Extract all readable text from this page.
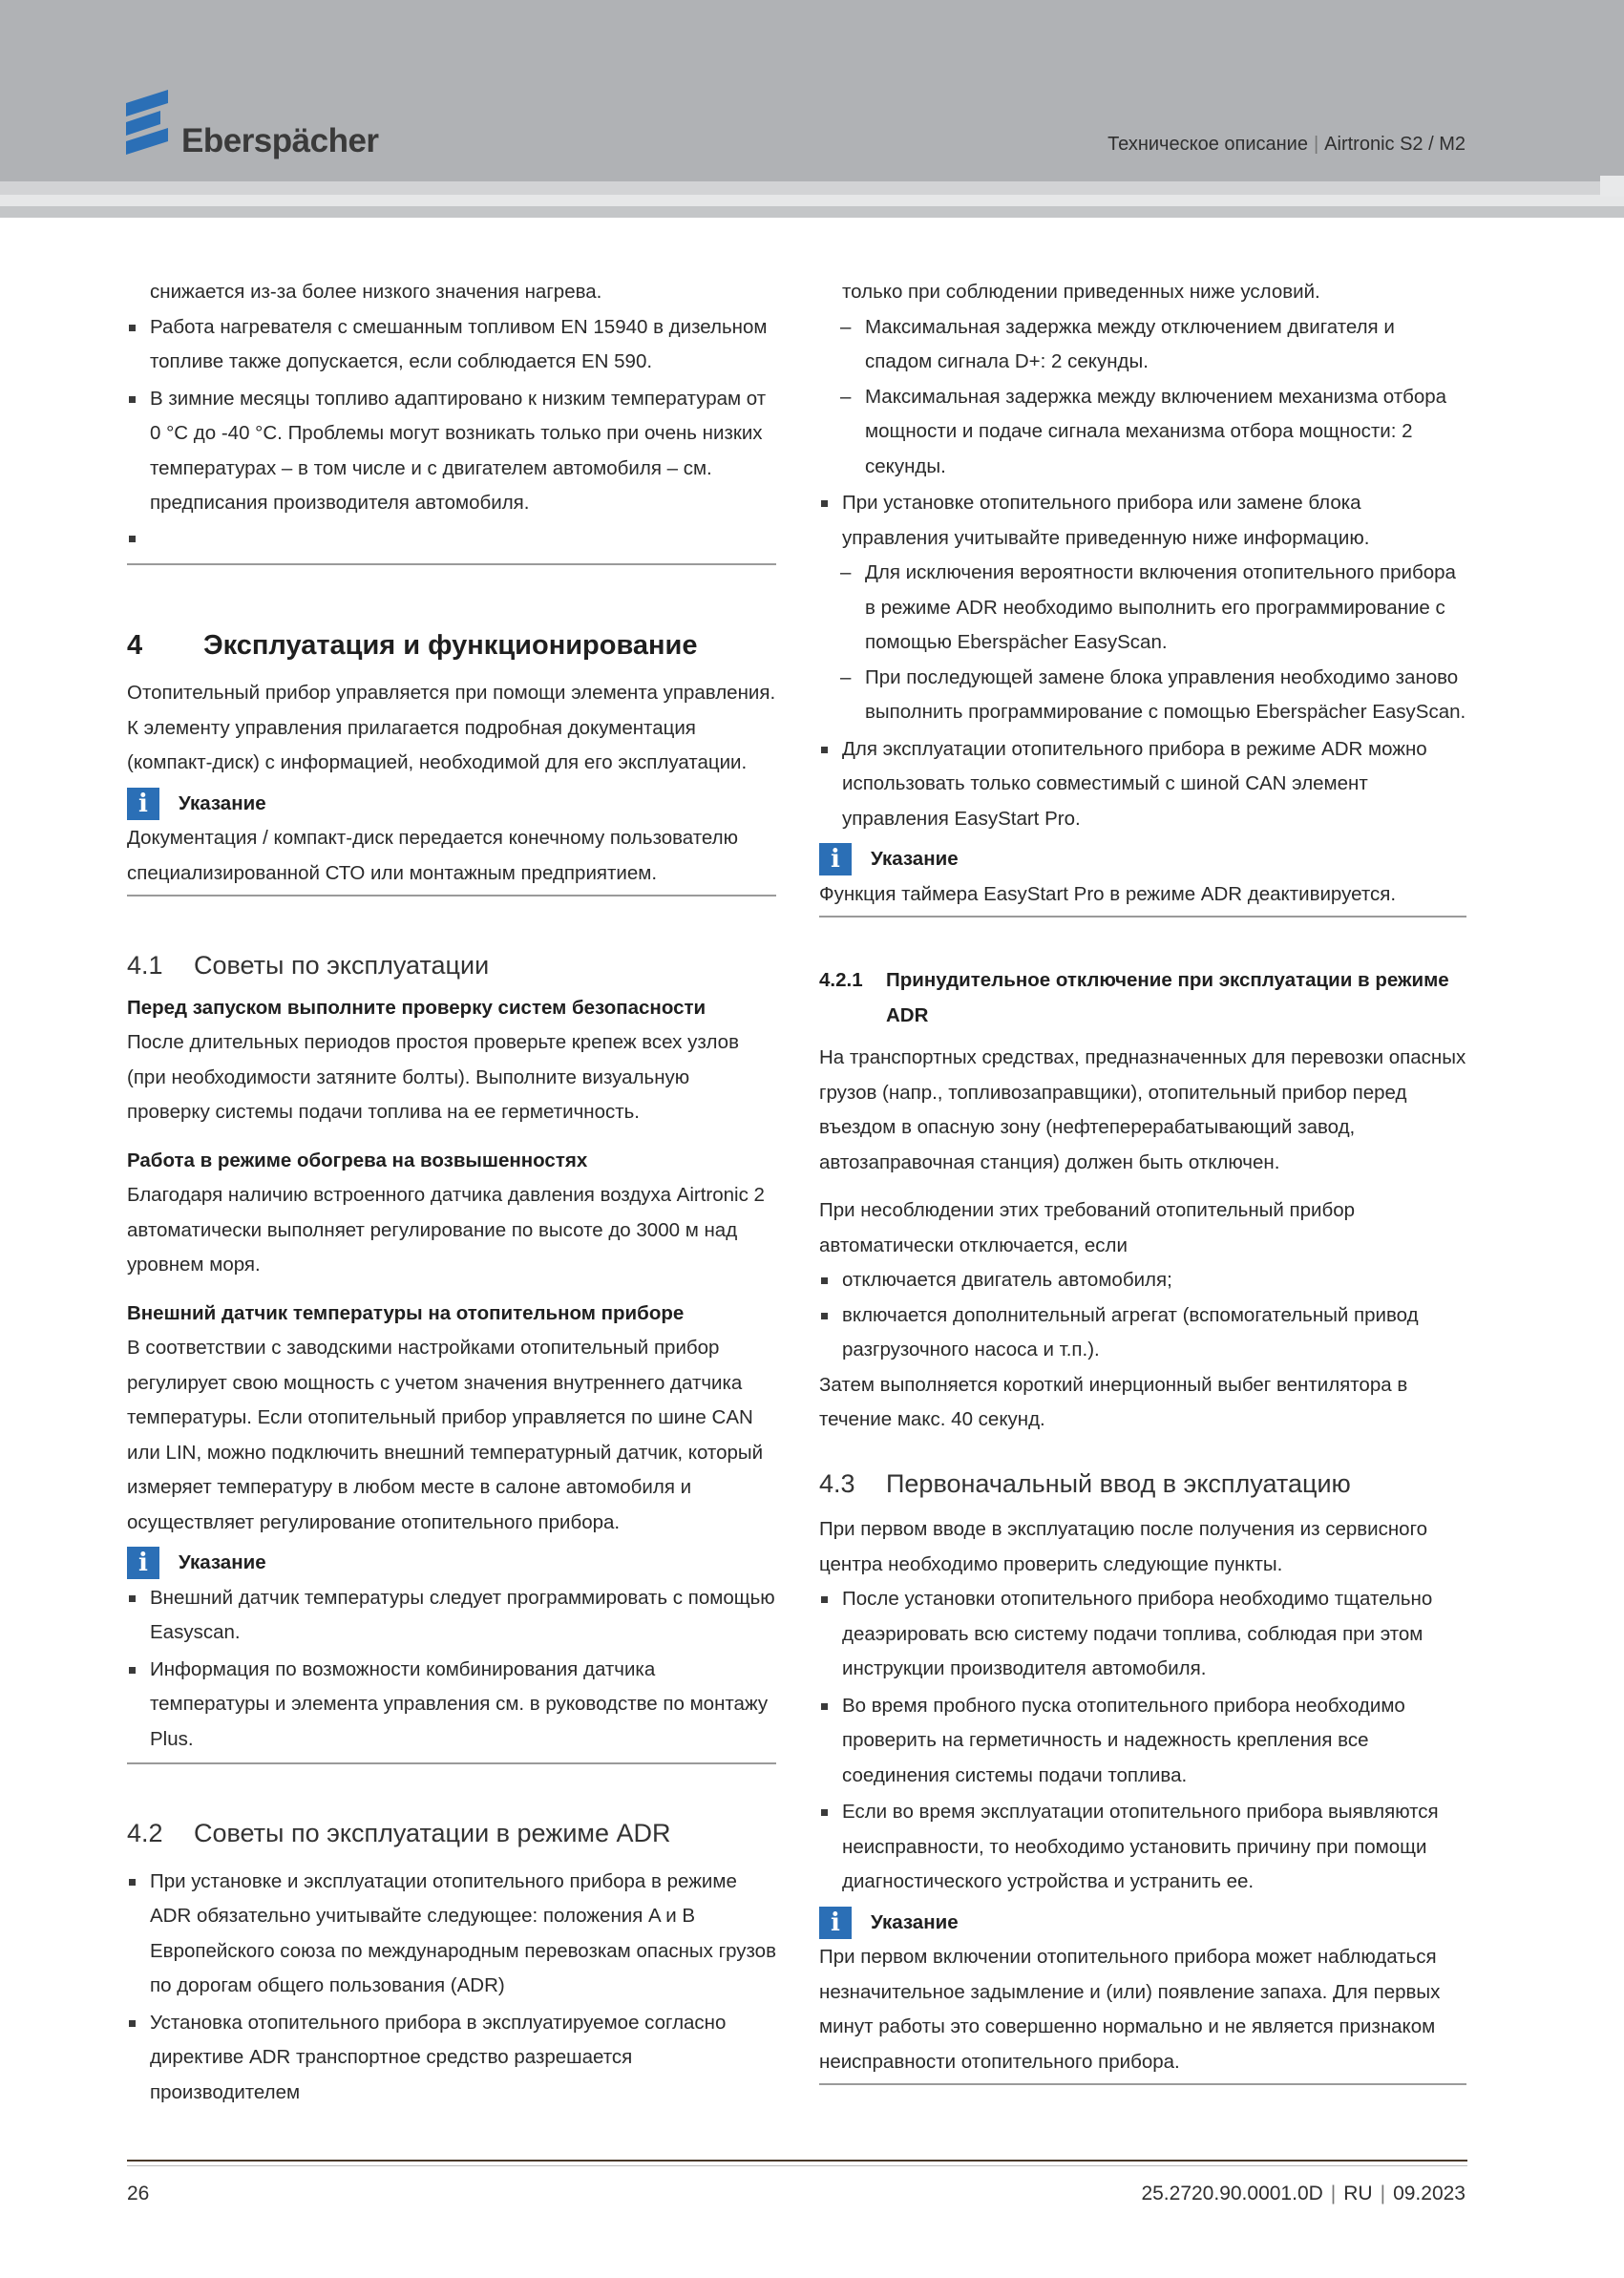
Eberspächer	Техническое описание | Airtronic S2 / M2

снижается из-за более низкого значения нагрева.

Работа нагревателя с смешанным топливом EN 15940 в дизельном топливе также допускается, если соблюдается EN 590.

В зимние месяцы топливо адаптировано к низким температурам от 0 °C до -40 °C. Проблемы могут возникать только при очень низких температурах – в том числе и с двигателем автомобиля – см. предписания производителя автомобиля.

4	Эксплуатация и функционирование

Отопительный прибор управляется при помощи элемента управления. К элементу управления прилагается подробная документация (компакт-диск) с информацией, необходимой для его эксплуатации.

i	Указание

Документация / компакт-диск передается конечному пользователю специализированной СТО или монтажным предприятием.

4.1	Советы по эксплуатации

Перед запуском выполните проверку систем безопасности

После длительных периодов простоя проверьте крепеж всех узлов (при необходимости затяните болты). Выполните визуальную проверку системы подачи топлива на ее герметичность.

Работа в режиме обогрева на возвышенностях

Благодаря наличию встроенного датчика давления воздуха Airtronic 2 автоматически выполняет регулирование по высоте до 3000 м над уровнем моря.

Внешний датчик температуры на отопительном приборе

В соответствии с заводскими настройками отопительный прибор регулирует свою мощность с учетом значения внутреннего датчика температуры. Если отопительный прибор управляется по шине CAN или LIN, можно подключить внешний температурный датчик, который измеряет температуру в любом месте в салоне автомобиля и осуществляет регулирование отопительного прибора.

i	Указание

Внешний датчик температуры следует программировать с помощью Easyscan.

Информация по возможности комбинирования датчика температуры и элемента управления см. в руководстве по монтажу Plus.

4.2	Советы по эксплуатации в режиме ADR

При установке и эксплуатации отопительного прибора в режиме ADR обязательно учитывайте следующее: положения A и B Европейского союза по международным перевозкам опасных грузов по дорогам общего пользования (ADR)

Установка отопительного прибора в эксплуатируемое согласно директиве ADR транспортное средство разрешается производителем

только при соблюдении приведенных ниже условий.

– Максимальная задержка между отключением двигателя и спадом сигнала D+: 2 секунды.

– Максимальная задержка между включением механизма отбора мощности и подаче сигнала механизма отбора мощности: 2 секунды.

При установке отопительного прибора или замене блока управления учитывайте приведенную ниже информацию.

– Для исключения вероятности включения отопительного прибора в режиме ADR необходимо выполнить его программирование с помощью Eberspächer EasyScan.

– При последующей замене блока управления необходимо заново выполнить программирование с помощью Eberspächer EasyScan.

Для эксплуатации отопительного прибора в режиме ADR можно использовать только совместимый с шиной CAN элемент управления EasyStart Pro.

i	Указание

Функция таймера EasyStart Pro в режиме ADR деактивируется.

4.2.1	Принудительное отключение при эксплуатации в режиме ADR

На транспортных средствах, предназначенных для перевозки опасных грузов (напр., топливозаправщики), отопительный прибор перед въездом в опасную зону (нефтеперерабатывающий завод, автозаправочная станция) должен быть отключен.

При несоблюдении этих требований отопительный прибор автоматически отключается, если

отключается двигатель автомобиля;

включается дополнительный агрегат (вспомогательный привод разгрузочного насоса и т.п.).

Затем выполняется короткий инерционный выбег вентилятора в течение макс. 40 секунд.

4.3	Первоначальный ввод в эксплуатацию

При первом вводе в эксплуатацию после получения из сервисного центра необходимо проверить следующие пункты.

После установки отопительного прибора необходимо тщательно деаэрировать всю систему подачи топлива, соблюдая при этом инструкции производителя автомобиля.

Во время пробного пуска отопительного прибора необходимо проверить на герметичность и надежность крепления все соединения системы подачи топлива.

Если во время эксплуатации отопительного прибора выявляются неисправности, то необходимо установить причину при помощи диагностического устройства и устранить ее.

i	Указание

При первом включении отопительного прибора может наблюдаться незначительное задымление и (или) появление запаха. Для первых минут работы это совершенно нормально и не является признаком неисправности отопительного прибора.

26	25.2720.90.0001.0D | RU | 09.2023
